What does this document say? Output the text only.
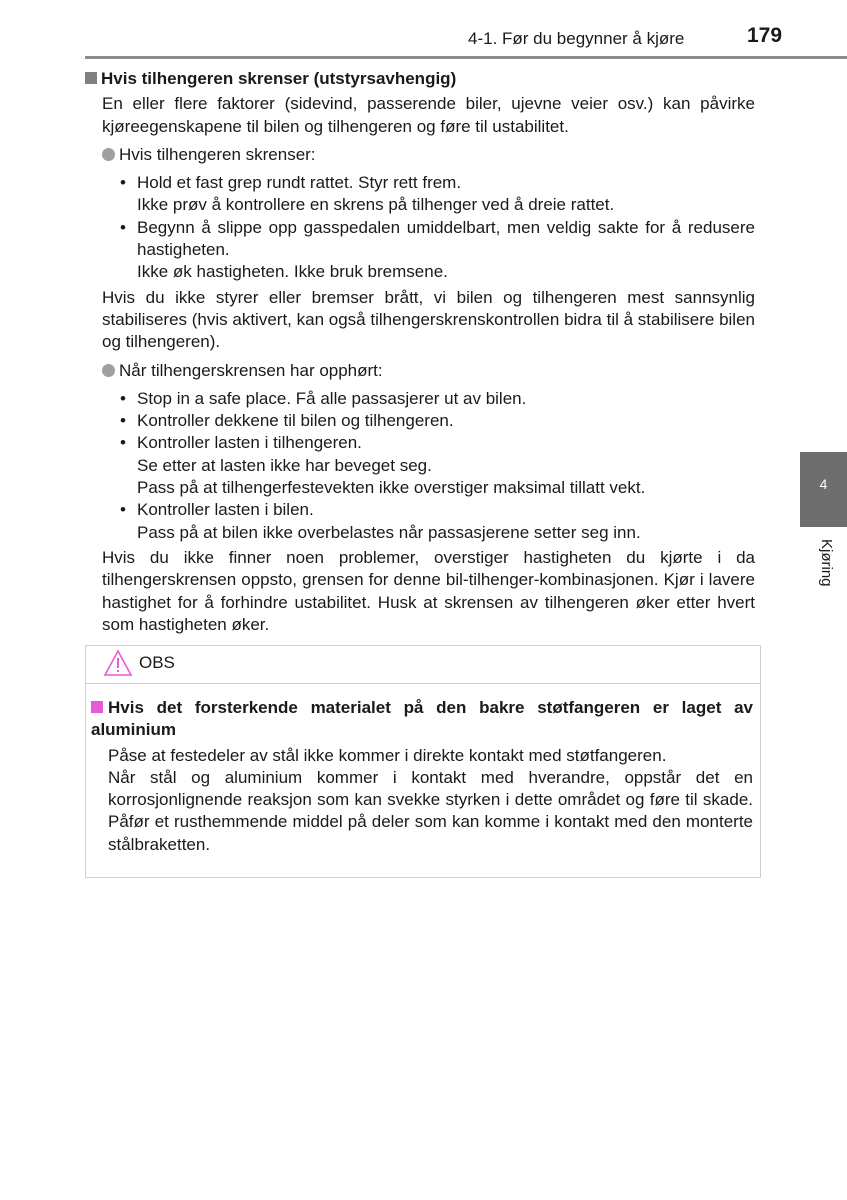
4-1. Før du begynner å kjøre	179
4
Kjøring
Hvis tilhengeren skrenser (utstyrsavhengig)

En eller flere faktorer (sidevind, passerende biler, ujevne veier osv.) kan påvirke kjøreegenskapene til bilen og tilhengeren og føre til ustabilitet.

Hvis tilhengeren skrenser:
• Hold et fast grep rundt rattet. Styr rett frem.
Ikke prøv å kontrollere en skrens på tilhenger ved å dreie rattet.
• Begynn å slippe opp gasspedalen umiddelbart, men veldig sakte for å redusere hastigheten.
Ikke øk hastigheten. Ikke bruk bremsene.

Hvis du ikke styrer eller bremser brått, vi bilen og tilhengeren mest sannsynlig stabiliseres (hvis aktivert, kan også tilhengerskrenskontrollen bidra til å stabilisere bilen og tilhengeren).

Når tilhengerskrensen har opphørt:
• Stop in a safe place. Få alle passasjerer ut av bilen.
• Kontroller dekkene til bilen og tilhengeren.
• Kontroller lasten i tilhengeren.
Se etter at lasten ikke har beveget seg.
Pass på at tilhengerfestevekten ikke overstiger maksimal tillatt vekt.
• Kontroller lasten i bilen.
Pass på at bilen ikke overbelastes når passasjerene setter seg inn.

Hvis du ikke finner noen problemer, overstiger hastigheten du kjørte i da tilhengerskrensen oppsto, grensen for denne bil-tilhenger-kombinasjonen. Kjør i lavere hastighet for å forhindre ustabilitet. Husk at skrensen av tilhengeren øker etter hvert som hastigheten øker.

OBS
Hvis det forsterkende materialet på den bakre støtfangeren er laget av aluminium
Påse at festedeler av stål ikke kommer i direkte kontakt med støtfangeren.
Når stål og aluminium kommer i kontakt med hverandre, oppstår det en korrosjonlignende reaksjon som kan svekke styrken i dette området og føre til skade. Påfør et rusthemmende middel på deler som kan komme i kontakt med den monterte stålbraketten.
